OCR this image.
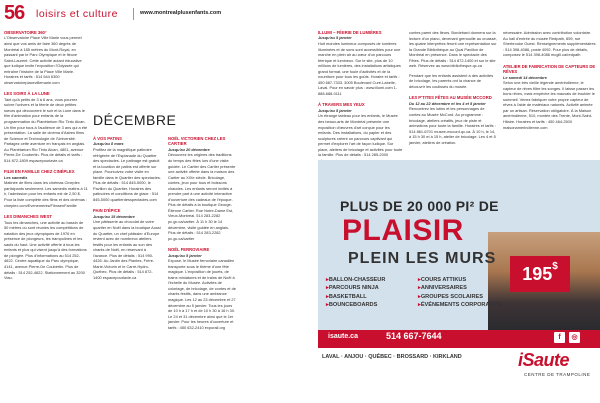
56 loisirs et culture	www.montrealplusenfants.com
OBSERVATOIRE 360°

L'Observatoire Place Ville Marie vous permet ainsi que vos amis de faire 360 degrés de Montréal à 185 mètres du Mont-Royal, en passant par le Parc Olympique et le fleuve Saint-Laurent. Cette activité autant éducative que ludique invite l'exposition l'Odyssée qui entraîne l'histoire de la Place Ville Marie. Horaires et tarifs : 514 544 6300 observatoireplacevillemarie.com

LES SOIRS À LA LUNE

Tant qu'à petits de 3 à 6 ans, vous pourrez suivre l'univers et la féerie de deux petites sœurs qui découvrent le soir et la Lune dans le film d'animation pour enfants de la programmation du Planétarium Rio Tinto Alcan. Un film pour tous à l'audience de 3 ans qui a été présentation. La salle de cinéma d'Astres films de Science et Technologie de l'Université. Partagez cette aventure en français en anglais. Au Planétarium Rio Tinto Alcan, 4801, avenue Pierre-De Coubertin. Plus de détails et tarifs : 514 872-1809 espacepourlavie.ca

FILM EN FAMILLE CHEZ CINÉPLEX
Les samedis

Matinée de films dans les cinémas Cineplex participants seulement. Les samedis matins à 11 h, l'admission pour les enfants est de 2,50 $. Pour la liste complète des films et des cinémas : cineplex.com/Evenements/FilmsenFamille

LES DIMANCHES WEST

Tous les dimanches, une activité au bassin de 50 mètres où sont réunies les compétitions de natation des jeux olympiques de 1976 en présence de plongeurs, les trampolines et les sauts du haut. Une activité offerte à tous les enfants et plus qui visent jusqu'à des formations de plongée. Plus d'informations au 514 252-4622. Centre aquatique du Parc olympique, 4141, avenue Pierre-De Coubertin. Plus de détails : 514 252-4622. Stationnement au 3200 Viau.

DÉCEMBRE
À VOS PATINS
Jusqu'au 8 mars

Profitez de la magnifique patinoire réfrigérée de l'Esplanade du Quartier des spectacles. Le patinage est gratuit et la location de patins est offerte sur place. Poursuivez votre visite en famille dans le Quartier des spectacles. Plus de détails : 514 845-5000, le Pavillon du Quartier. Horaires des patinoires et conditions de glace : 514 845-5000 quartierdesspectacles.com

PAIN D'ÉPICE
Jusqu'au 15 décembre

Une pâtisserie au chocolat de votre quartier en Noël dans la boutique Aussi du Quartier, un chef pâtissier d'Europe revient avec de nombreux ateliers festifs pour les enfants au son des chants de Noël, en réservant à l'avance. Plus de détails : 514 990-4426. Au Jardin des Plantes, Frère-Marie-Victorin et le Carré-Hydro-Québec. Plus de détails : 514 872-1400 espacepourlavie.ca

NOËL VICTORIEN CHEZ LES CARTIER
Jusqu'au 20 décembre

Découvrez les origines des traditions du temps des fêtes lors d'une visite guidée. Le Cartier des Cartier présente une activité offerte dans la maison des Cartier au XIXe siècle. Bricolage, contes, jeux pour tous et boissons chaudes. Les enfants seront invités à prendre part à une activité interactive d'ouverture des cadeaux de l'époque. Plus de détails à la boutique George-Étienne Cartier. Rue Notre-Dame Est, Vieux-Montréal. 514 283-2282 pc.gc.ca/cartier. À 11 h 30 le 14 décembre, visite guidée en anglais. Plus de détails : 514 283-2282 pc.gc.ca/cartier

NOËL FERROVIAIRE
Jusqu'au 5 janvier

Exposé, le Musée ferroviaire canadien transporte sous le thème d'une fête magique. L'exposition de jouets, de trains miniatures et de trains de Noël à l'échelle du Musée. Activités de coloriage, de bricolage, de contes et de chants festifs, dans une ambiance magique. Les 12 au 23 décembre et 27 décembre au 5 janvier. Tous les jours de 10 h à 17 h et de 10 h 30 à 16 h 30. Le 24 et 31 décembre ainsi que le 1er janvier. Pour les heures d'ouverture et tarifs : 450 632-2410 exporail.org

ILLUMI – FÉERIE DE LUMIÈRES
Jusqu'au 5 janvier

Huit mondes lumineux composés de lumières illuminées et de sons sont accessibles pour une marche en plein air au cœur d'un parcours féerique et lumineux. Sur le site, plus de 10 millions de lumières, des installations artistiques grand format, une foule d'activités et de la nourriture pour tous les goûts. Horaire et tarifs : 450 687-7333. 3005 Boulevard Curé-Labelle, Laval. Pour en savoir plus : www.illumi.com 1-888-688-0111

À TRAVERS MES YEUX
Jusqu'au 5 janvier

Un étrange tableau pour les enfants, le Musée des beaux-arts de Montréal présente une exposition d'œuvres d'art conçue pour les enfants. Des installations, du papier et des sculptures créent un parcours captivant qui permet d'explorer l'art de façon ludique. Sur place, ateliers de bricolage et activités pour toute la famille. Plus de détails : 514 285-2000

contes parmi des fleurs. Bordebard donnera sur la lecture d'un piano, devenant grenouille au croassé, les quatre interprètes feront une représentation sur la Grande Bibliothèque au Quai Pavillon de Montréal en présence. Dans le spectacle des Fêtes. Plus de détails : 514 872-1400 et sur le site web. Réservez au www.bibliotheque.qc.ca

Pendant que les enfants assistent à des activités de bricolage, les parents ont la chance de découvrir les coulisses du musée.

LES P'TITES FÊTES AU MUSÉE MCCORD
Du 12 au 22 décembre et les 4 et 5 janvier

Rencontrez les lutins et les personnages de contes au Musée McCord. Au programme : bricolage, ateliers créatifs, jeux de piste et animations pour toute la famille. Horaires et tarifs : 514 861-6701 musee-mccord.qc.ca. À 10 h, le 14, à 15 h 30 et à 15 h, atelier de bricolage. Les 4 et 5 janvier, ateliers de création.

nécessaire. Admission avec contribution volontaire. Au hall d'entrée du musée Redpath, 859, rue Sherbrooke Ouest. Renseignements supplémentaires : 514 398-4086, poste 4092. Pour plus de détails, composez le 514 398-4086 mcgill.ca/redpath

ATELIER DE FABRICATION DE CAPTEURS DE RÊVES
Le samedi 14 décembre

Selon une très vieille légende amérindienne, le capteur de rêves filtre les songes. Il laisse passer les bons rêves, mais empêche les mauvais de troubler le sommeil. Venez fabriquer votre propre capteur de rêves à l'aide de matériaux naturels. Activité animée par un artisan. Réservation obligatoire. À la Maison amérindienne, 510, montée des Trente, Mont-Saint-Hilaire. Horaires et tarifs : 450 464-2500 maisonamerindienne.com

PLUS DE 20 000 PI² DE
PLAISIR
PLEIN LES MURS
195$
▸ BALLON-CHASSEUR	▸ COURS ATTIKUS
▸ PARCOURS NINJA	▸ ANNIVERSAIRES
▸ BASKETBALL	▸ GROUPES SCOLAIRES
▸ BOUNCEBOARDS	▸ ÉVÉNEMENTS CORPORATIFS
isaute.ca	514 667-7644	f	◎
LAVAL · ANJOU · QUÉBEC · BROSSARD · KIRKLAND	iSaute
CENTRE DE TRAMPOLINE
